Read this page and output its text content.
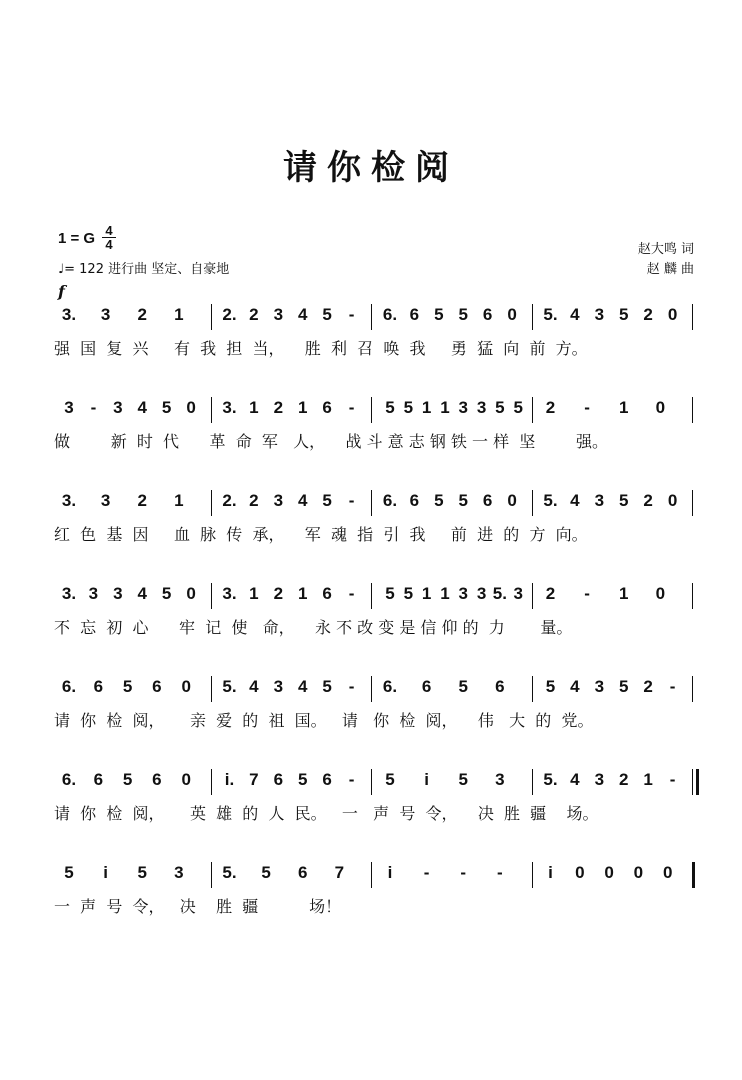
请你检阅
1 = G 4
4
♩= 122 进行曲 坚定、自豪地
赵大鸣 词
赵 麟 曲
f
3. 3 2 1 2. 2 3 4 5 -	6. 6 5 5 6 0 5. 4 3 5 2 0
强  国  复  兴     有  我  担  当，    胜  利  召  唤  我     勇  猛  向  前  方。
3 - 3 4 5 0 3. 1 2 1 6 -	5 5 1 1 3 3 5 5 2	-	1 0
做        新  时  代      革  命  军   人，    战 斗 意 志 钢 铁 一 样  坚        强。
3. 3 2 1 2. 2 3 4 5 -	6. 6 5 5 6 0 5. 4 3 5 2 0
红  色  基  因     血  脉  传  承，    军  魂  指  引  我     前  进  的  方  向。
3. 3 3 4 5 0 3. 1 2 1 6 -	5 5 1 1 3 3 5. 3 2	-	1 0
不  忘  初  心      牢  记  使   命，    永 不 改 变 是 信 仰 的  力       量。
6. 6 5 6 0 5. 4 3 4 5 -	6. 6 5 6 5 4 3 5 2 -
请  你  检  阅，     亲  爱  的  祖  国。   请   你  检  阅，    伟   大  的  党。
6. 6 5 6 0 i. 7 6 5 6 -	5	i	5 3 5. 4 3 2 1 -
请  你  检  阅，     英  雄  的  人  民。   一   声  号  令，    决  胜  疆    场。
5	i	5 3 5. 5 6 7	i	-	-	-	i	0 0 0 0
一  声  号  令，   决    胜  疆          场！
